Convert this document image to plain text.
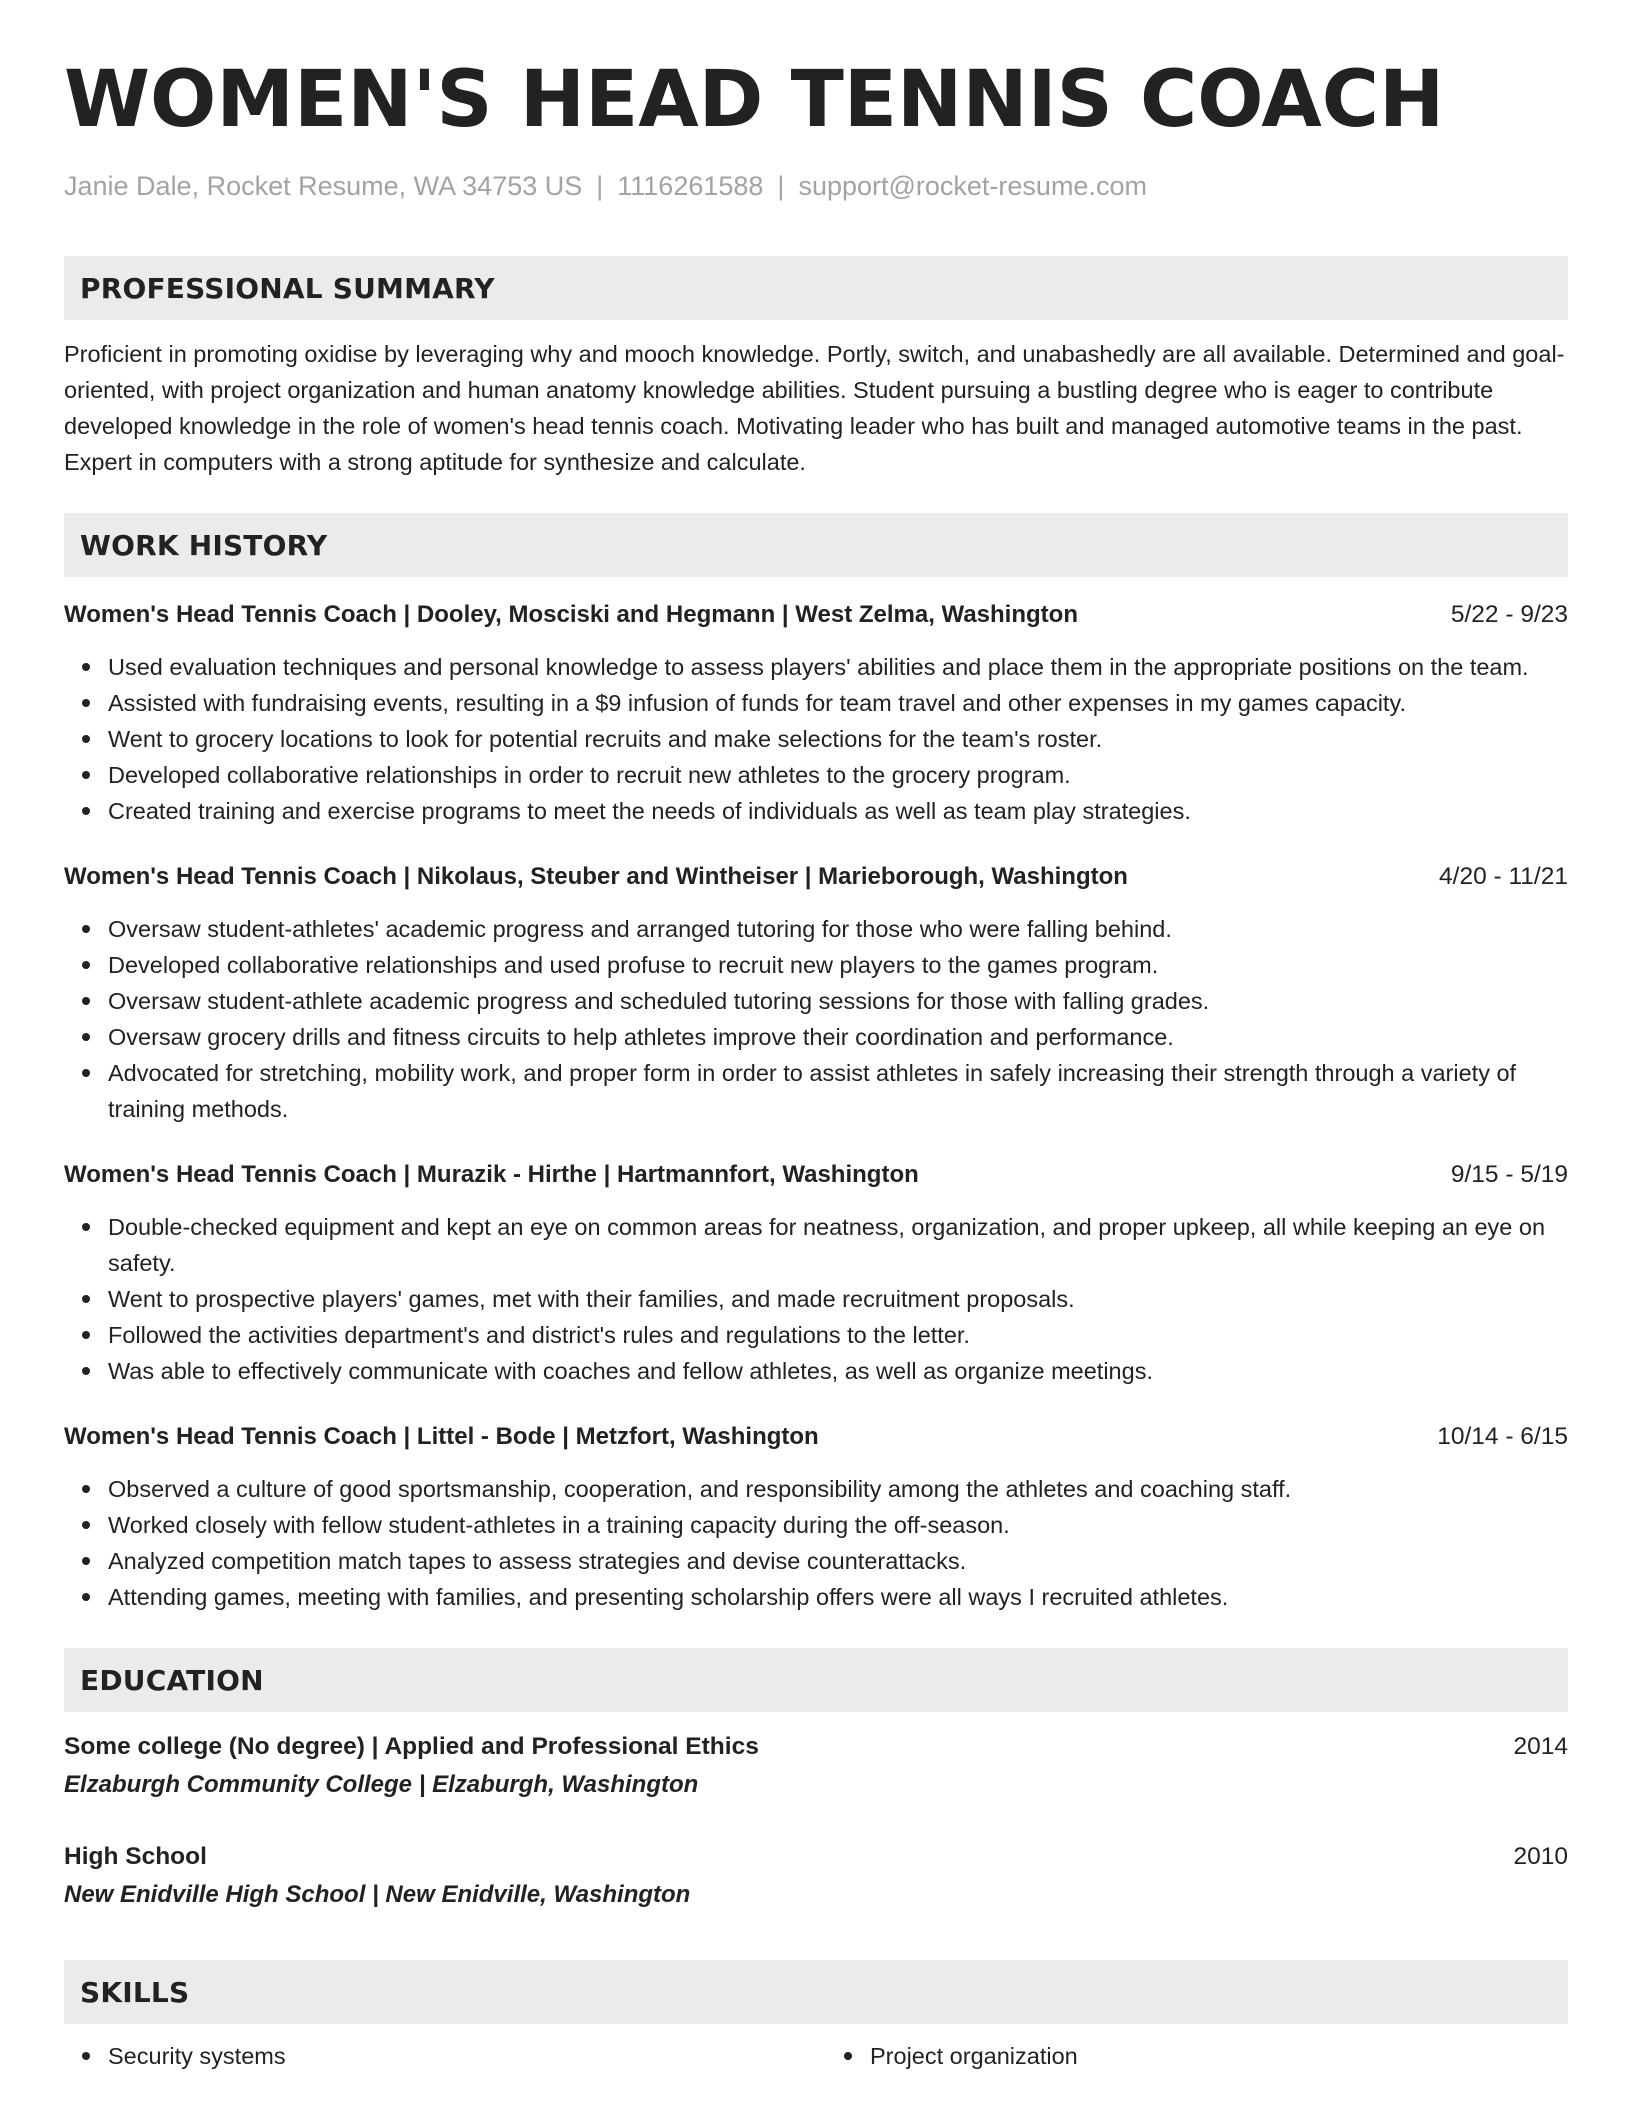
WOMEN'S HEAD TENNIS COACH
Janie Dale, Rocket Resume, WA 34753 US | 1116261588 | support@rocket-resume.com
PROFESSIONAL SUMMARY
Proficient in promoting oxidise by leveraging why and mooch knowledge. Portly, switch, and unabashedly are all available. Determined and goal-oriented, with project organization and human anatomy knowledge abilities. Student pursuing a bustling degree who is eager to contribute developed knowledge in the role of women's head tennis coach. Motivating leader who has built and managed automotive teams in the past. Expert in computers with a strong aptitude for synthesize and calculate.
WORK HISTORY
Women's Head Tennis Coach | Dooley, Mosciski and Hegmann | West Zelma, Washington	5/22 - 9/23
Used evaluation techniques and personal knowledge to assess players' abilities and place them in the appropriate positions on the team.
Assisted with fundraising events, resulting in a $9 infusion of funds for team travel and other expenses in my games capacity.
Went to grocery locations to look for potential recruits and make selections for the team's roster.
Developed collaborative relationships in order to recruit new athletes to the grocery program.
Created training and exercise programs to meet the needs of individuals as well as team play strategies.
Women's Head Tennis Coach | Nikolaus, Steuber and Wintheiser | Marieborough, Washington	4/20 - 11/21
Oversaw student-athletes' academic progress and arranged tutoring for those who were falling behind.
Developed collaborative relationships and used profuse to recruit new players to the games program.
Oversaw student-athlete academic progress and scheduled tutoring sessions for those with falling grades.
Oversaw grocery drills and fitness circuits to help athletes improve their coordination and performance.
Advocated for stretching, mobility work, and proper form in order to assist athletes in safely increasing their strength through a variety of training methods.
Women's Head Tennis Coach | Murazik - Hirthe | Hartmannfort, Washington	9/15 - 5/19
Double-checked equipment and kept an eye on common areas for neatness, organization, and proper upkeep, all while keeping an eye on safety.
Went to prospective players' games, met with their families, and made recruitment proposals.
Followed the activities department's and district's rules and regulations to the letter.
Was able to effectively communicate with coaches and fellow athletes, as well as organize meetings.
Women's Head Tennis Coach | Littel - Bode | Metzfort, Washington	10/14 - 6/15
Observed a culture of good sportsmanship, cooperation, and responsibility among the athletes and coaching staff.
Worked closely with fellow student-athletes in a training capacity during the off-season.
Analyzed competition match tapes to assess strategies and devise counterattacks.
Attending games, meeting with families, and presenting scholarship offers were all ways I recruited athletes.
EDUCATION
Some college (No degree) | Applied and Professional Ethics	2014
Elzaburgh Community College | Elzaburgh, Washington
High School	2010
New Enidville High School | New Enidville, Washington
SKILLS
Security systems	Project organization
